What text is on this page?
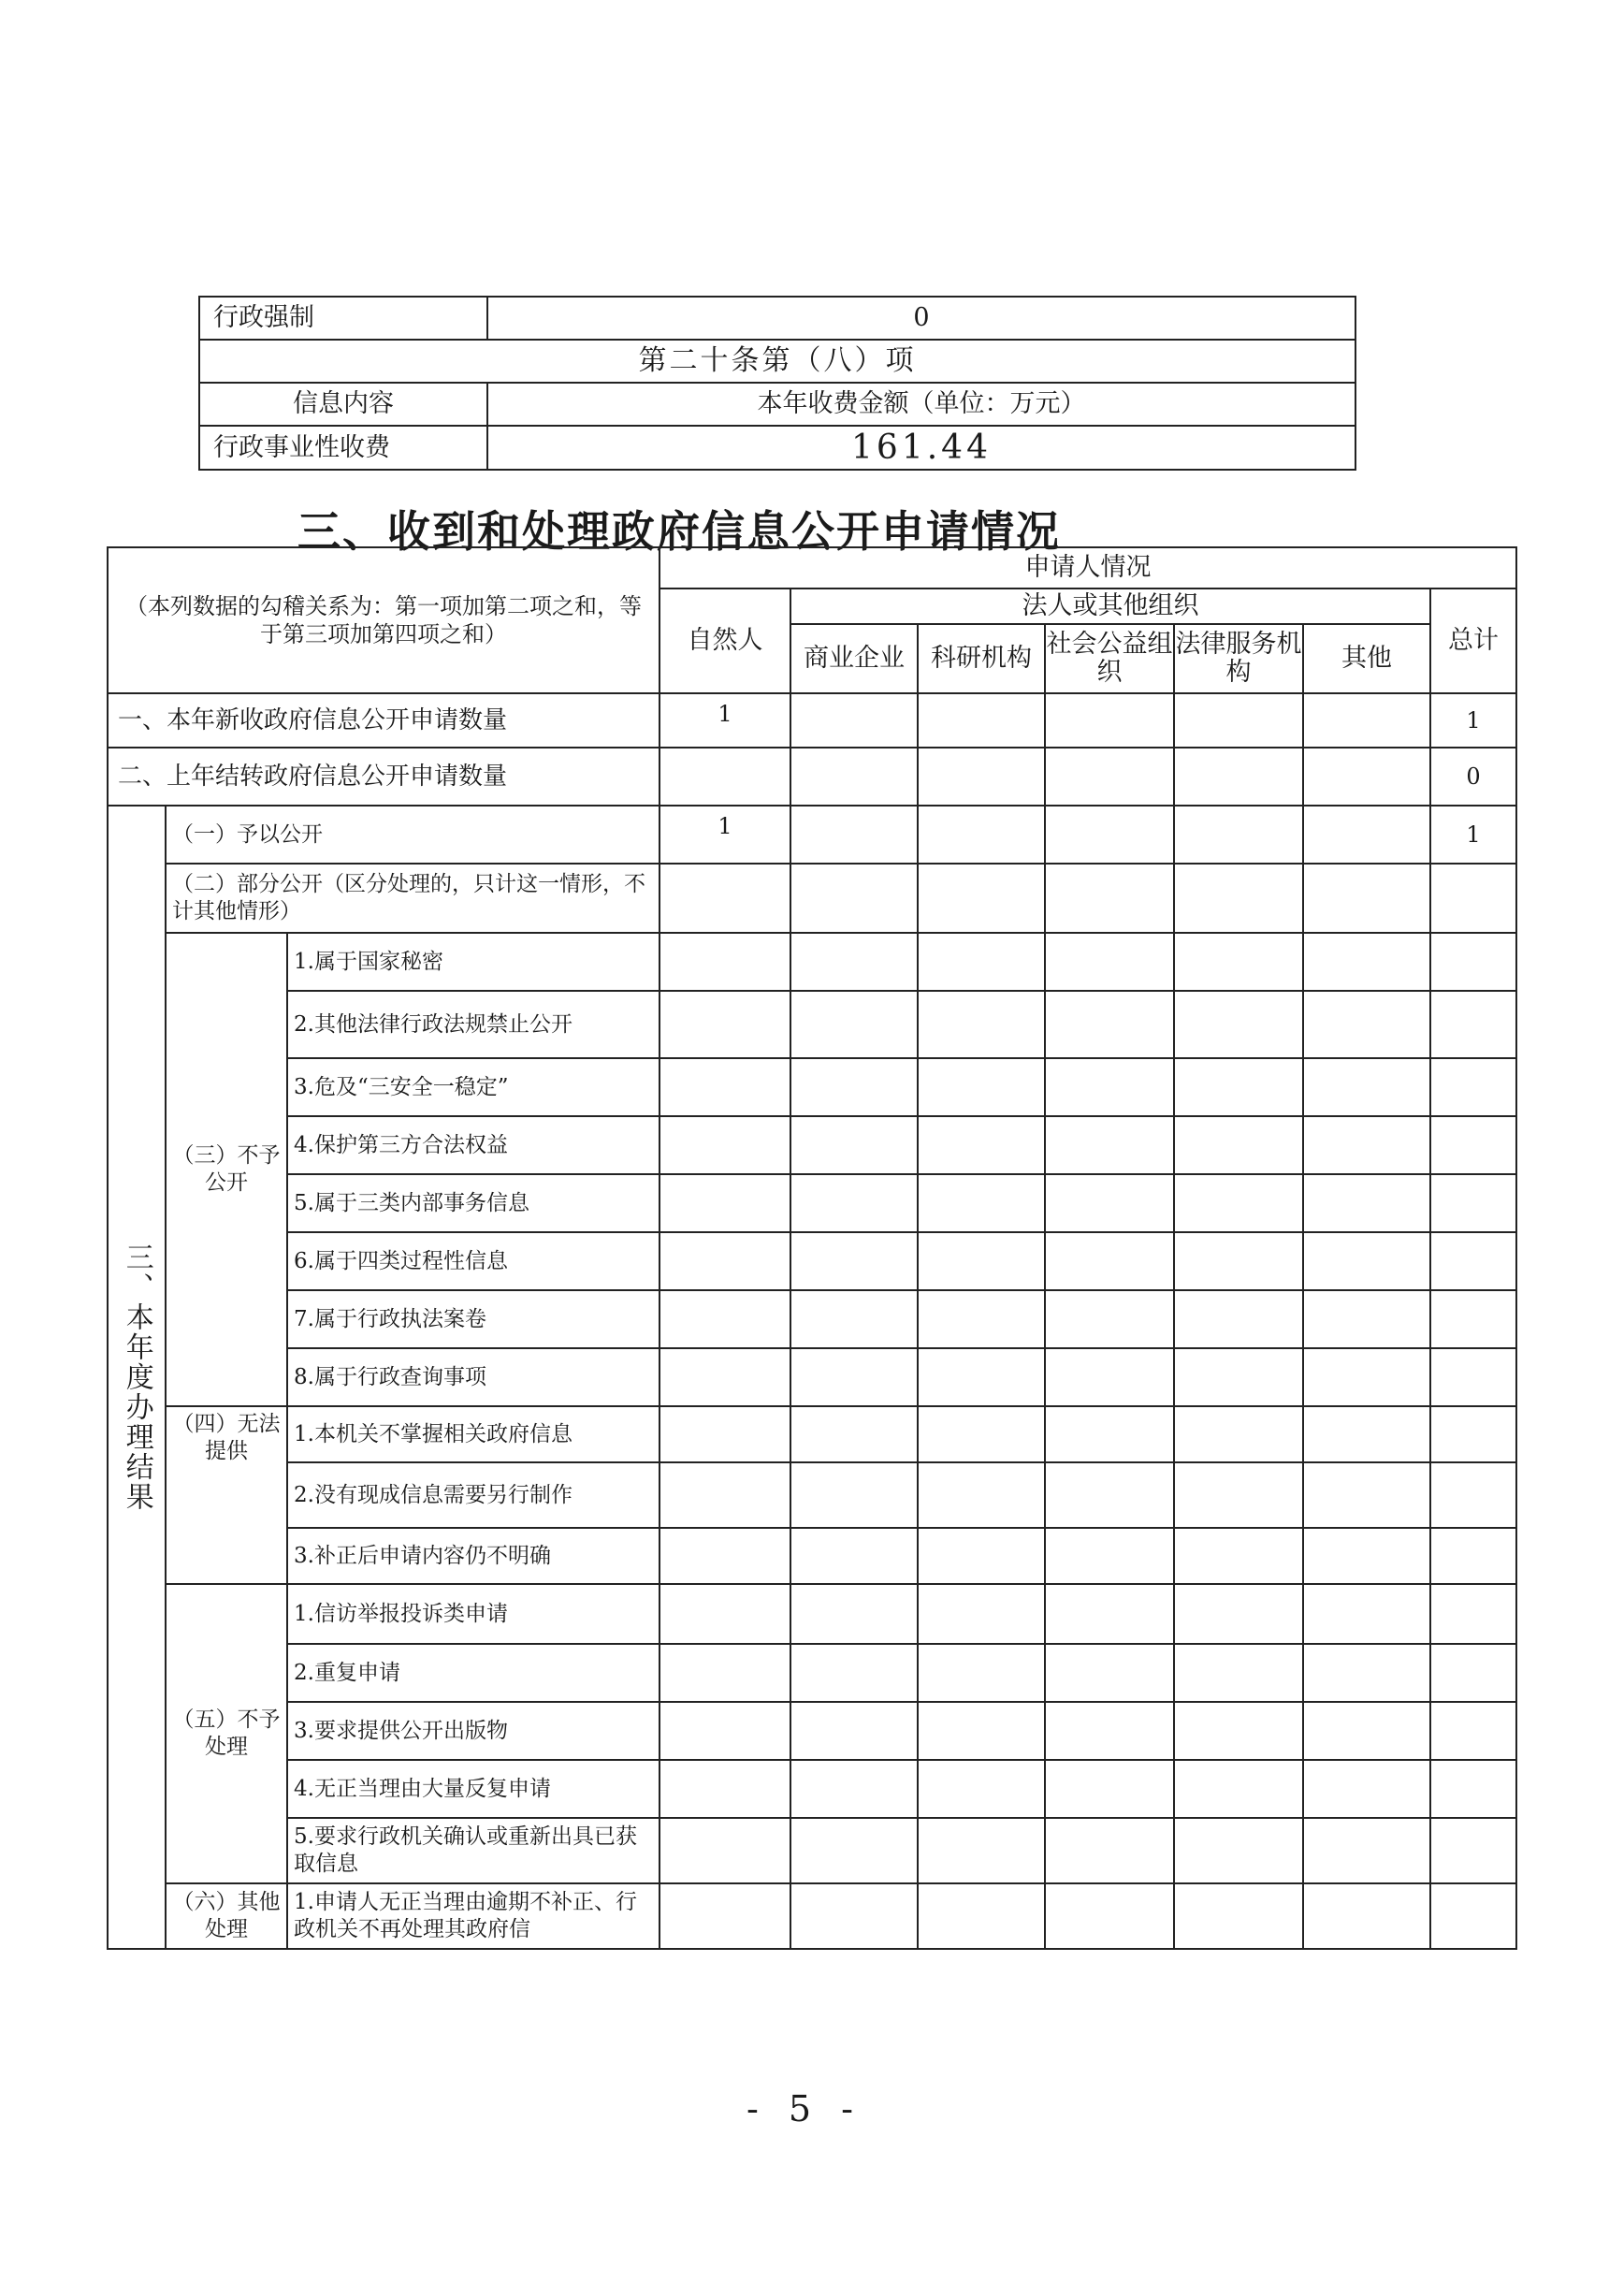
行政强制	0
第二十条第（八）项	
信息内容	本年收费金额（单位：万元）
行政事业性收费	161.44
三、收到和处理政府信息公开申请情况
（本列数据的勾稽关系为：第一项加第二项之和，等于第三项加第四项之和）			申请人情况						
			自然人	法人或其他组织					总计
				商业企业	科研机构	社会公益组织	法律服务机构	其他	
一、本年新收政府信息公开申请数量			1						1
二、上年结转政府信息公开申请数量									0

三、本年度办理结果	（一）予以公开		1						1
	（二）部分公开（区分处理的，只计这一情形，不计其他情形）								
	（三）不予公开	1.属于国家秘密							
		2.其他法律行政法规禁止公开							
		3.危及“三安全一稳定”							
		4.保护第三方合法权益							
		5.属于三类内部事务信息							
		6.属于四类过程性信息							
		7.属于行政执法案卷							
		8.属于行政查询事项							
	（四）无法提供	1.本机关不掌握相关政府信息							
		2.没有现成信息需要另行制作							
		3.补正后申请内容仍不明确							
	（五）不予处理	1.信访举报投诉类申请							
		2.重复申请							
		3.要求提供公开出版物							
		4.无正当理由大量反复申请							
		5.要求行政机关确认或重新出具已获取信息							
	（六）其他处理	1.申请人无正当理由逾期不补正、行政机关不再处理其政府信							
- 5 -
